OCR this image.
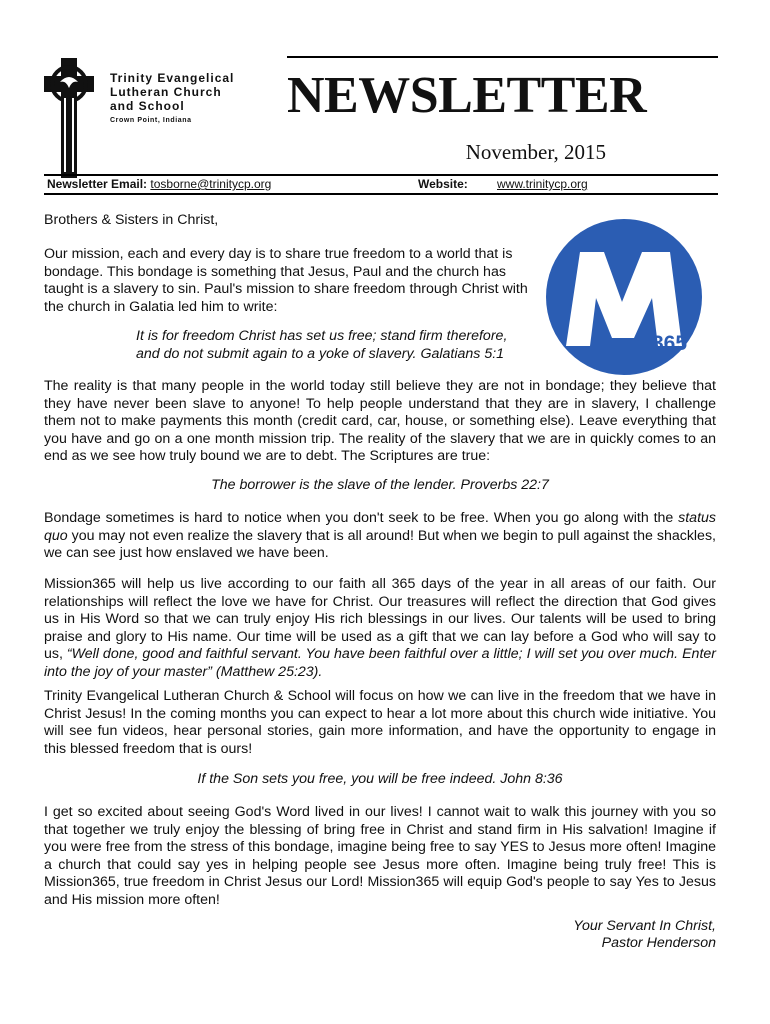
Trinity Evangelical
Lutheran Church
and School
Crown Point, Indiana NEWSLETTER
November, 2015
Newsletter Email: tosborne@trinitycp.org	Website: www.trinitycp.org
365
Brothers & Sisters in Christ,
Our mission, each and every day is to share true freedom to a world that is bondage. This bondage is something that Jesus, Paul and the church has taught is a slavery to sin. Paul's mission to share freedom through Christ with the church in Galatia led him to write:
It is for freedom Christ has set us free; stand firm therefore,
and do not submit again to a yoke of slavery. Galatians 5:1
The reality is that many people in the world today still believe they are not in bondage; they believe that they have never been slave to anyone! To help people understand that they are in slavery, I challenge them not to make payments this month (credit card, car, house, or something else). Leave everything that you have and go on a one month mission trip. The reality of the slavery that we are in quickly comes to an end as we see how truly bound we are to debt. The Scriptures are true:
The borrower is the slave of the lender. Proverbs 22:7
Bondage sometimes is hard to notice when you don't seek to be free. When you go along with the status quo you may not even realize the slavery that is all around! But when we begin to pull against the shackles, we can see just how enslaved we have been.
Mission365 will help us live according to our faith all 365 days of the year in all areas of our faith. Our relationships will reflect the love we have for Christ. Our treasures will reflect the direction that God gives us in His Word so that we can truly enjoy His rich blessings in our lives. Our talents will be used to bring praise and glory to His name. Our time will be used as a gift that we can lay before a God who will say to us, “Well done, good and faithful servant. You have been faithful over a little; I will set you over much. Enter into the joy of your master” (Matthew 25:23).
Trinity Evangelical Lutheran Church & School will focus on how we can live in the freedom that we have in Christ Jesus! In the coming months you can expect to hear a lot more about this church wide initiative. You will see fun videos, hear personal stories, gain more information, and have the opportunity to engage in this blessed freedom that is ours!
If the Son sets you free, you will be free indeed. John 8:36
I get so excited about seeing God's Word lived in our lives! I cannot wait to walk this journey with you so that together we truly enjoy the blessing of bring free in Christ and stand firm in His salvation! Imagine if you were free from the stress of this bondage, imagine being free to say YES to Jesus more often! Imagine a church that could say yes in helping people see Jesus more often. Imagine being truly free! This is Mission365, true freedom in Christ Jesus our Lord! Mission365 will equip God's people to say Yes to Jesus and His mission more often!
Your Servant In Christ,
Pastor Henderson
